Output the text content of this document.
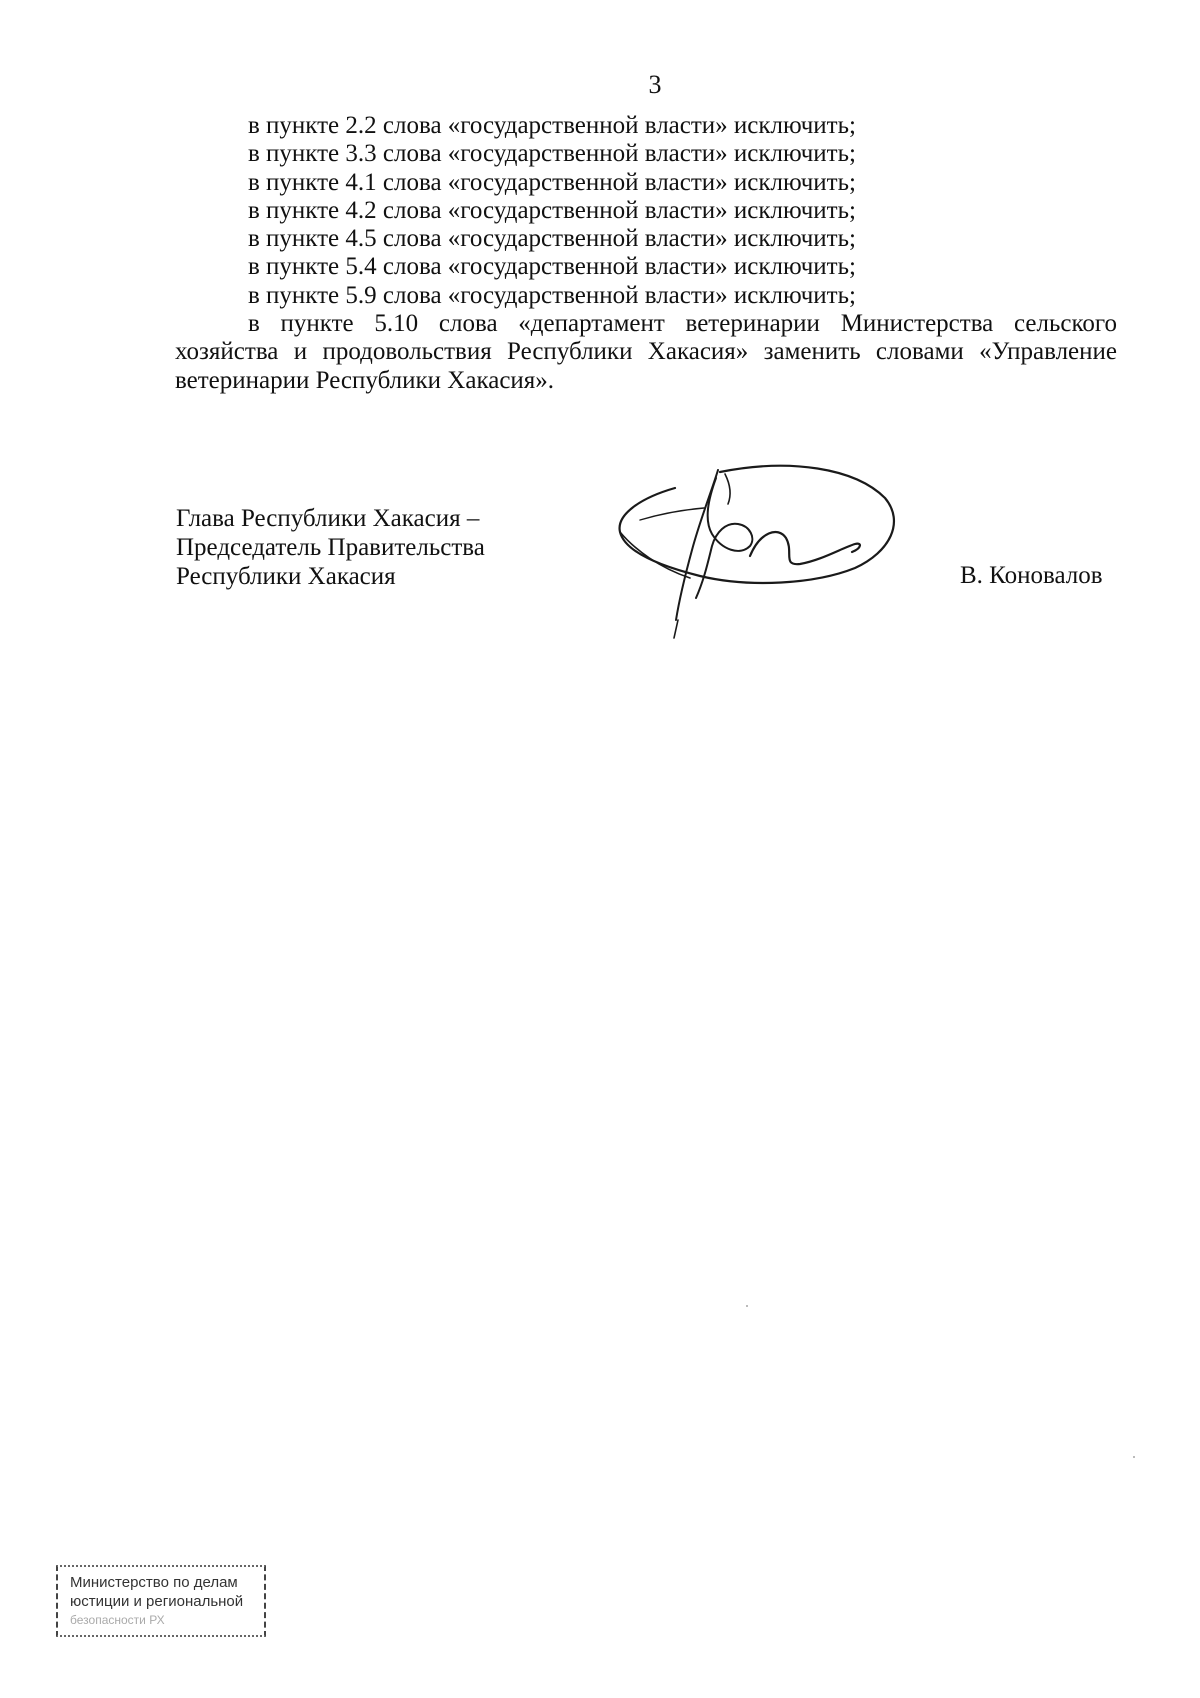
3
в пункте 2.2 слова «государственной власти» исключить;
в пункте 3.3 слова «государственной власти» исключить;
в пункте 4.1 слова «государственной власти» исключить;
в пункте 4.2 слова «государственной власти» исключить;
в пункте 4.5 слова «государственной власти» исключить;
в пункте 5.4 слова «государственной власти» исключить;
в пункте 5.9 слова «государственной власти» исключить;
в пункте 5.10 слова «департамент ветеринарии Министерства сельского хозяйства и продовольствия Республики Хакасия» заменить словами «Управление ветеринарии Республики Хакасия».
Глава Республики Хакасия –
Председатель Правительства
Республики Хакасия	В. Коновалов
Министерство по делам
юстиции и региональной
безопасности РХ
